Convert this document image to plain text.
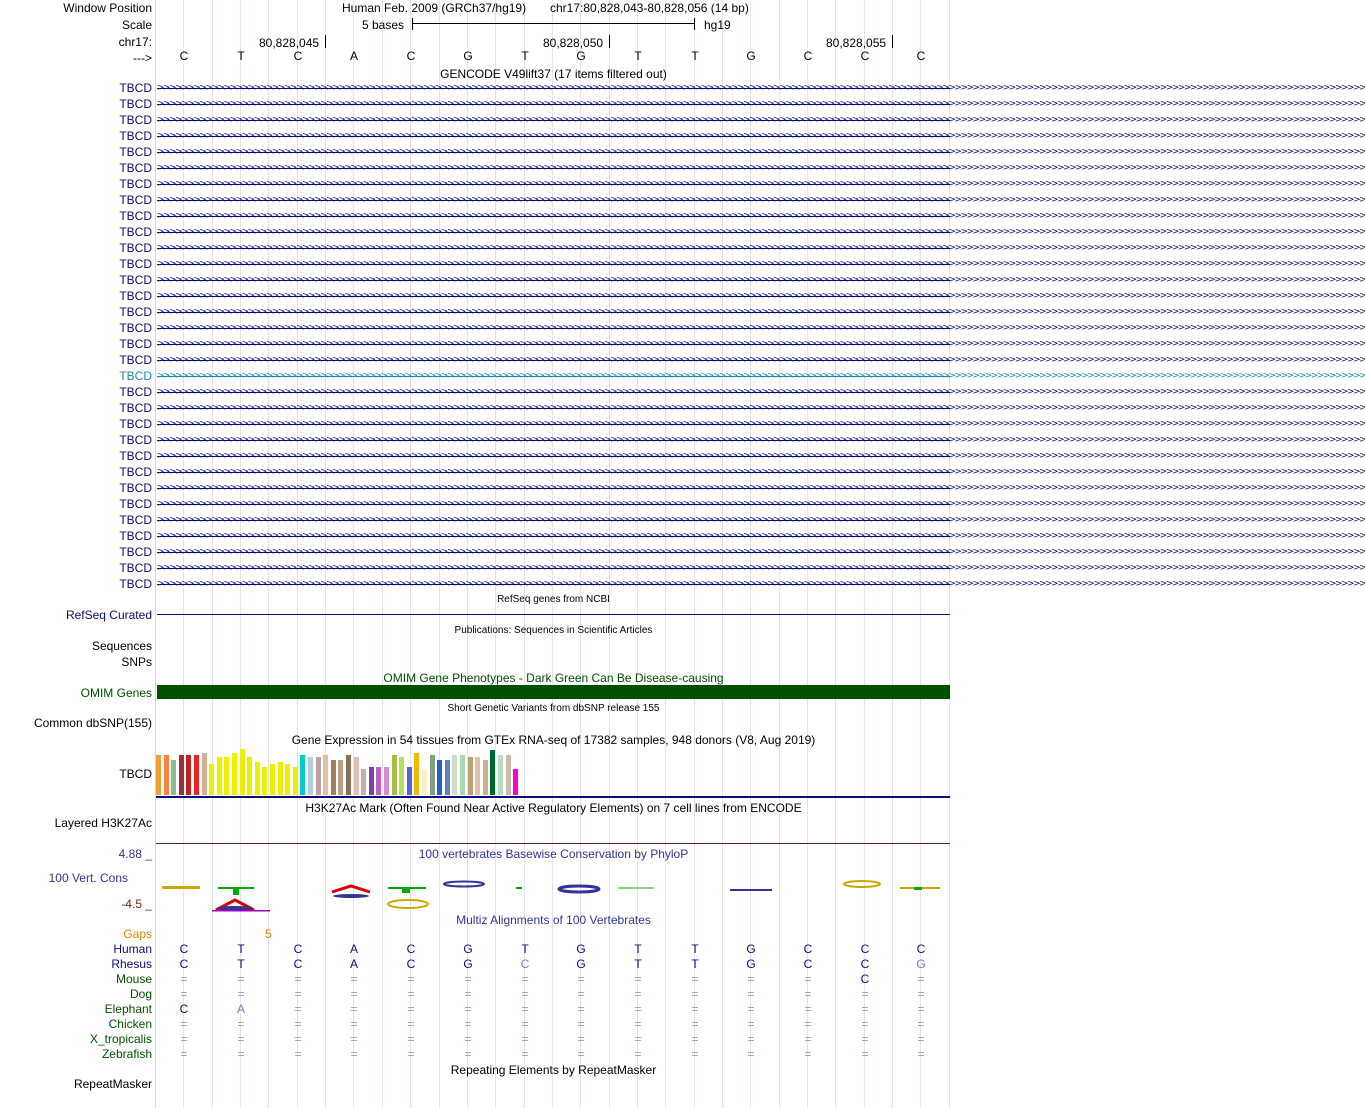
Window Position
Scale
chr17:
--->
Human Feb. 2009 (GRCh37/hg19) chr17:80,828,043-80,828,056 (14 bp)
5 bases	hg19
80,828,045	80,828,050	80,828,055
C	T	C	A	C	G	T	G	T	T	G	C	C	C
GENCODE V49lift37 (17 items filtered out)
TBCD >>>>>>>>>>>>>>>>>>>>>>>>>>>>>>>>>>>>>>>>>>>>>>>>>>>>>>>>>>>>>>>>>>>>>>>>>>>>>>>>>>>>>>>>>>>>>>>>>>>>>>>>>>>>>>>>>>>>>>>>>>>>>>>>>>>>>>>>>>>>>>>>>>>>>>>>>>>>>>>>>>>>>>>>>>>>>>>>>>>>>>>>>>>>>>>>>>>>>>>>
TBCD >>>>>>>>>>>>>>>>>>>>>>>>>>>>>>>>>>>>>>>>>>>>>>>>>>>>>>>>>>>>>>>>>>>>>>>>>>>>>>>>>>>>>>>>>>>>>>>>>>>>>>>>>>>>>>>>>>>>>>>>>>>>>>>>>>>>>>>>>>>>>>>>>>>>>>>>>>>>>>>>>>>>>>>>>>>>>>>>>>>>>>>>>>>>>>>>>>>>>>>>
TBCD >>>>>>>>>>>>>>>>>>>>>>>>>>>>>>>>>>>>>>>>>>>>>>>>>>>>>>>>>>>>>>>>>>>>>>>>>>>>>>>>>>>>>>>>>>>>>>>>>>>>>>>>>>>>>>>>>>>>>>>>>>>>>>>>>>>>>>>>>>>>>>>>>>>>>>>>>>>>>>>>>>>>>>>>>>>>>>>>>>>>>>>>>>>>>>>>>>>>>>>>
TBCD >>>>>>>>>>>>>>>>>>>>>>>>>>>>>>>>>>>>>>>>>>>>>>>>>>>>>>>>>>>>>>>>>>>>>>>>>>>>>>>>>>>>>>>>>>>>>>>>>>>>>>>>>>>>>>>>>>>>>>>>>>>>>>>>>>>>>>>>>>>>>>>>>>>>>>>>>>>>>>>>>>>>>>>>>>>>>>>>>>>>>>>>>>>>>>>>>>>>>>>>
TBCD >>>>>>>>>>>>>>>>>>>>>>>>>>>>>>>>>>>>>>>>>>>>>>>>>>>>>>>>>>>>>>>>>>>>>>>>>>>>>>>>>>>>>>>>>>>>>>>>>>>>>>>>>>>>>>>>>>>>>>>>>>>>>>>>>>>>>>>>>>>>>>>>>>>>>>>>>>>>>>>>>>>>>>>>>>>>>>>>>>>>>>>>>>>>>>>>>>>>>>>>
TBCD >>>>>>>>>>>>>>>>>>>>>>>>>>>>>>>>>>>>>>>>>>>>>>>>>>>>>>>>>>>>>>>>>>>>>>>>>>>>>>>>>>>>>>>>>>>>>>>>>>>>>>>>>>>>>>>>>>>>>>>>>>>>>>>>>>>>>>>>>>>>>>>>>>>>>>>>>>>>>>>>>>>>>>>>>>>>>>>>>>>>>>>>>>>>>>>>>>>>>>>>
TBCD >>>>>>>>>>>>>>>>>>>>>>>>>>>>>>>>>>>>>>>>>>>>>>>>>>>>>>>>>>>>>>>>>>>>>>>>>>>>>>>>>>>>>>>>>>>>>>>>>>>>>>>>>>>>>>>>>>>>>>>>>>>>>>>>>>>>>>>>>>>>>>>>>>>>>>>>>>>>>>>>>>>>>>>>>>>>>>>>>>>>>>>>>>>>>>>>>>>>>>>>
TBCD >>>>>>>>>>>>>>>>>>>>>>>>>>>>>>>>>>>>>>>>>>>>>>>>>>>>>>>>>>>>>>>>>>>>>>>>>>>>>>>>>>>>>>>>>>>>>>>>>>>>>>>>>>>>>>>>>>>>>>>>>>>>>>>>>>>>>>>>>>>>>>>>>>>>>>>>>>>>>>>>>>>>>>>>>>>>>>>>>>>>>>>>>>>>>>>>>>>>>>>>
TBCD >>>>>>>>>>>>>>>>>>>>>>>>>>>>>>>>>>>>>>>>>>>>>>>>>>>>>>>>>>>>>>>>>>>>>>>>>>>>>>>>>>>>>>>>>>>>>>>>>>>>>>>>>>>>>>>>>>>>>>>>>>>>>>>>>>>>>>>>>>>>>>>>>>>>>>>>>>>>>>>>>>>>>>>>>>>>>>>>>>>>>>>>>>>>>>>>>>>>>>>>
TBCD >>>>>>>>>>>>>>>>>>>>>>>>>>>>>>>>>>>>>>>>>>>>>>>>>>>>>>>>>>>>>>>>>>>>>>>>>>>>>>>>>>>>>>>>>>>>>>>>>>>>>>>>>>>>>>>>>>>>>>>>>>>>>>>>>>>>>>>>>>>>>>>>>>>>>>>>>>>>>>>>>>>>>>>>>>>>>>>>>>>>>>>>>>>>>>>>>>>>>>>>
TBCD >>>>>>>>>>>>>>>>>>>>>>>>>>>>>>>>>>>>>>>>>>>>>>>>>>>>>>>>>>>>>>>>>>>>>>>>>>>>>>>>>>>>>>>>>>>>>>>>>>>>>>>>>>>>>>>>>>>>>>>>>>>>>>>>>>>>>>>>>>>>>>>>>>>>>>>>>>>>>>>>>>>>>>>>>>>>>>>>>>>>>>>>>>>>>>>>>>>>>>>>
TBCD >>>>>>>>>>>>>>>>>>>>>>>>>>>>>>>>>>>>>>>>>>>>>>>>>>>>>>>>>>>>>>>>>>>>>>>>>>>>>>>>>>>>>>>>>>>>>>>>>>>>>>>>>>>>>>>>>>>>>>>>>>>>>>>>>>>>>>>>>>>>>>>>>>>>>>>>>>>>>>>>>>>>>>>>>>>>>>>>>>>>>>>>>>>>>>>>>>>>>>>>
TBCD >>>>>>>>>>>>>>>>>>>>>>>>>>>>>>>>>>>>>>>>>>>>>>>>>>>>>>>>>>>>>>>>>>>>>>>>>>>>>>>>>>>>>>>>>>>>>>>>>>>>>>>>>>>>>>>>>>>>>>>>>>>>>>>>>>>>>>>>>>>>>>>>>>>>>>>>>>>>>>>>>>>>>>>>>>>>>>>>>>>>>>>>>>>>>>>>>>>>>>>>
TBCD >>>>>>>>>>>>>>>>>>>>>>>>>>>>>>>>>>>>>>>>>>>>>>>>>>>>>>>>>>>>>>>>>>>>>>>>>>>>>>>>>>>>>>>>>>>>>>>>>>>>>>>>>>>>>>>>>>>>>>>>>>>>>>>>>>>>>>>>>>>>>>>>>>>>>>>>>>>>>>>>>>>>>>>>>>>>>>>>>>>>>>>>>>>>>>>>>>>>>>>>
TBCD >>>>>>>>>>>>>>>>>>>>>>>>>>>>>>>>>>>>>>>>>>>>>>>>>>>>>>>>>>>>>>>>>>>>>>>>>>>>>>>>>>>>>>>>>>>>>>>>>>>>>>>>>>>>>>>>>>>>>>>>>>>>>>>>>>>>>>>>>>>>>>>>>>>>>>>>>>>>>>>>>>>>>>>>>>>>>>>>>>>>>>>>>>>>>>>>>>>>>>>>
TBCD >>>>>>>>>>>>>>>>>>>>>>>>>>>>>>>>>>>>>>>>>>>>>>>>>>>>>>>>>>>>>>>>>>>>>>>>>>>>>>>>>>>>>>>>>>>>>>>>>>>>>>>>>>>>>>>>>>>>>>>>>>>>>>>>>>>>>>>>>>>>>>>>>>>>>>>>>>>>>>>>>>>>>>>>>>>>>>>>>>>>>>>>>>>>>>>>>>>>>>>>
TBCD >>>>>>>>>>>>>>>>>>>>>>>>>>>>>>>>>>>>>>>>>>>>>>>>>>>>>>>>>>>>>>>>>>>>>>>>>>>>>>>>>>>>>>>>>>>>>>>>>>>>>>>>>>>>>>>>>>>>>>>>>>>>>>>>>>>>>>>>>>>>>>>>>>>>>>>>>>>>>>>>>>>>>>>>>>>>>>>>>>>>>>>>>>>>>>>>>>>>>>>>
TBCD >>>>>>>>>>>>>>>>>>>>>>>>>>>>>>>>>>>>>>>>>>>>>>>>>>>>>>>>>>>>>>>>>>>>>>>>>>>>>>>>>>>>>>>>>>>>>>>>>>>>>>>>>>>>>>>>>>>>>>>>>>>>>>>>>>>>>>>>>>>>>>>>>>>>>>>>>>>>>>>>>>>>>>>>>>>>>>>>>>>>>>>>>>>>>>>>>>>>>>>>
TBCD >>>>>>>>>>>>>>>>>>>>>>>>>>>>>>>>>>>>>>>>>>>>>>>>>>>>>>>>>>>>>>>>>>>>>>>>>>>>>>>>>>>>>>>>>>>>>>>>>>>>>>>>>>>>>>>>>>>>>>>>>>>>>>>>>>>>>>>>>>>>>>>>>>>>>>>>>>>>>>>>>>>>>>>>>>>>>>>>>>>>>>>>>>>>>>>>>>>>>>>>
TBCD >>>>>>>>>>>>>>>>>>>>>>>>>>>>>>>>>>>>>>>>>>>>>>>>>>>>>>>>>>>>>>>>>>>>>>>>>>>>>>>>>>>>>>>>>>>>>>>>>>>>>>>>>>>>>>>>>>>>>>>>>>>>>>>>>>>>>>>>>>>>>>>>>>>>>>>>>>>>>>>>>>>>>>>>>>>>>>>>>>>>>>>>>>>>>>>>>>>>>>>>
TBCD >>>>>>>>>>>>>>>>>>>>>>>>>>>>>>>>>>>>>>>>>>>>>>>>>>>>>>>>>>>>>>>>>>>>>>>>>>>>>>>>>>>>>>>>>>>>>>>>>>>>>>>>>>>>>>>>>>>>>>>>>>>>>>>>>>>>>>>>>>>>>>>>>>>>>>>>>>>>>>>>>>>>>>>>>>>>>>>>>>>>>>>>>>>>>>>>>>>>>>>>
TBCD >>>>>>>>>>>>>>>>>>>>>>>>>>>>>>>>>>>>>>>>>>>>>>>>>>>>>>>>>>>>>>>>>>>>>>>>>>>>>>>>>>>>>>>>>>>>>>>>>>>>>>>>>>>>>>>>>>>>>>>>>>>>>>>>>>>>>>>>>>>>>>>>>>>>>>>>>>>>>>>>>>>>>>>>>>>>>>>>>>>>>>>>>>>>>>>>>>>>>>>>
TBCD >>>>>>>>>>>>>>>>>>>>>>>>>>>>>>>>>>>>>>>>>>>>>>>>>>>>>>>>>>>>>>>>>>>>>>>>>>>>>>>>>>>>>>>>>>>>>>>>>>>>>>>>>>>>>>>>>>>>>>>>>>>>>>>>>>>>>>>>>>>>>>>>>>>>>>>>>>>>>>>>>>>>>>>>>>>>>>>>>>>>>>>>>>>>>>>>>>>>>>>>
TBCD >>>>>>>>>>>>>>>>>>>>>>>>>>>>>>>>>>>>>>>>>>>>>>>>>>>>>>>>>>>>>>>>>>>>>>>>>>>>>>>>>>>>>>>>>>>>>>>>>>>>>>>>>>>>>>>>>>>>>>>>>>>>>>>>>>>>>>>>>>>>>>>>>>>>>>>>>>>>>>>>>>>>>>>>>>>>>>>>>>>>>>>>>>>>>>>>>>>>>>>>
TBCD >>>>>>>>>>>>>>>>>>>>>>>>>>>>>>>>>>>>>>>>>>>>>>>>>>>>>>>>>>>>>>>>>>>>>>>>>>>>>>>>>>>>>>>>>>>>>>>>>>>>>>>>>>>>>>>>>>>>>>>>>>>>>>>>>>>>>>>>>>>>>>>>>>>>>>>>>>>>>>>>>>>>>>>>>>>>>>>>>>>>>>>>>>>>>>>>>>>>>>>>
TBCD >>>>>>>>>>>>>>>>>>>>>>>>>>>>>>>>>>>>>>>>>>>>>>>>>>>>>>>>>>>>>>>>>>>>>>>>>>>>>>>>>>>>>>>>>>>>>>>>>>>>>>>>>>>>>>>>>>>>>>>>>>>>>>>>>>>>>>>>>>>>>>>>>>>>>>>>>>>>>>>>>>>>>>>>>>>>>>>>>>>>>>>>>>>>>>>>>>>>>>>>
TBCD >>>>>>>>>>>>>>>>>>>>>>>>>>>>>>>>>>>>>>>>>>>>>>>>>>>>>>>>>>>>>>>>>>>>>>>>>>>>>>>>>>>>>>>>>>>>>>>>>>>>>>>>>>>>>>>>>>>>>>>>>>>>>>>>>>>>>>>>>>>>>>>>>>>>>>>>>>>>>>>>>>>>>>>>>>>>>>>>>>>>>>>>>>>>>>>>>>>>>>>>
TBCD >>>>>>>>>>>>>>>>>>>>>>>>>>>>>>>>>>>>>>>>>>>>>>>>>>>>>>>>>>>>>>>>>>>>>>>>>>>>>>>>>>>>>>>>>>>>>>>>>>>>>>>>>>>>>>>>>>>>>>>>>>>>>>>>>>>>>>>>>>>>>>>>>>>>>>>>>>>>>>>>>>>>>>>>>>>>>>>>>>>>>>>>>>>>>>>>>>>>>>>>
TBCD >>>>>>>>>>>>>>>>>>>>>>>>>>>>>>>>>>>>>>>>>>>>>>>>>>>>>>>>>>>>>>>>>>>>>>>>>>>>>>>>>>>>>>>>>>>>>>>>>>>>>>>>>>>>>>>>>>>>>>>>>>>>>>>>>>>>>>>>>>>>>>>>>>>>>>>>>>>>>>>>>>>>>>>>>>>>>>>>>>>>>>>>>>>>>>>>>>>>>>>>
TBCD >>>>>>>>>>>>>>>>>>>>>>>>>>>>>>>>>>>>>>>>>>>>>>>>>>>>>>>>>>>>>>>>>>>>>>>>>>>>>>>>>>>>>>>>>>>>>>>>>>>>>>>>>>>>>>>>>>>>>>>>>>>>>>>>>>>>>>>>>>>>>>>>>>>>>>>>>>>>>>>>>>>>>>>>>>>>>>>>>>>>>>>>>>>>>>>>>>>>>>>>
TBCD >>>>>>>>>>>>>>>>>>>>>>>>>>>>>>>>>>>>>>>>>>>>>>>>>>>>>>>>>>>>>>>>>>>>>>>>>>>>>>>>>>>>>>>>>>>>>>>>>>>>>>>>>>>>>>>>>>>>>>>>>>>>>>>>>>>>>>>>>>>>>>>>>>>>>>>>>>>>>>>>>>>>>>>>>>>>>>>>>>>>>>>>>>>>>>>>>>>>>>>>
TBCD >>>>>>>>>>>>>>>>>>>>>>>>>>>>>>>>>>>>>>>>>>>>>>>>>>>>>>>>>>>>>>>>>>>>>>>>>>>>>>>>>>>>>>>>>>>>>>>>>>>>>>>>>>>>>>>>>>>>>>>>>>>>>>>>>>>>>>>>>>>>>>>>>>>>>>>>>>>>>>>>>>>>>>>>>>>>>>>>>>>>>>>>>>>>>>>>>>>>>>>>
RefSeq genes from NCBI
RefSeq Curated
Publications: Sequences in Scientific Articles
Sequences
SNPs
OMIM Gene Phenotypes - Dark Green Can Be Disease-causing
OMIM Genes
Short Genetic Variants from dbSNP release 155
Common dbSNP(155)
Gene Expression in 54 tissues from GTEx RNA-seq of 17382 samples, 948 donors (V8, Aug 2019)
TBCD
H3K27Ac Mark (Often Found Near Active Regulatory Elements) on 7 cell lines from ENCODE
Layered H3K27Ac
100 vertebrates Basewise Conservation by PhyloP
4.88 _
100 Vert. Cons
-4.5 _
Multiz Alignments of 100 Vertebrates
Gaps	5
Human	C	T	C	A	C	G	T	G	T	T	G	C	C	C
Rhesus	C	T	C	A	C	G	C	G	T	T	G	C	C	G
Mouse	=	=	=	=	=	=	=	=	=	=	=	=	C	=
Dog	=	=	=	=	=	=	=	=	=	=	=	=	=	=
Elephant	C	A	=	=	=	=	=	=	=	=	=	=	=	=
Chicken	=	=	=	=	=	=	=	=	=	=	=	=	=	=
X_tropicalis	=	=	=	=	=	=	=	=	=	=	=	=	=	=
Zebrafish	=	=	=	=	=	=	=	=	=	=	=	=	=	=
Repeating Elements by RepeatMasker
RepeatMasker
